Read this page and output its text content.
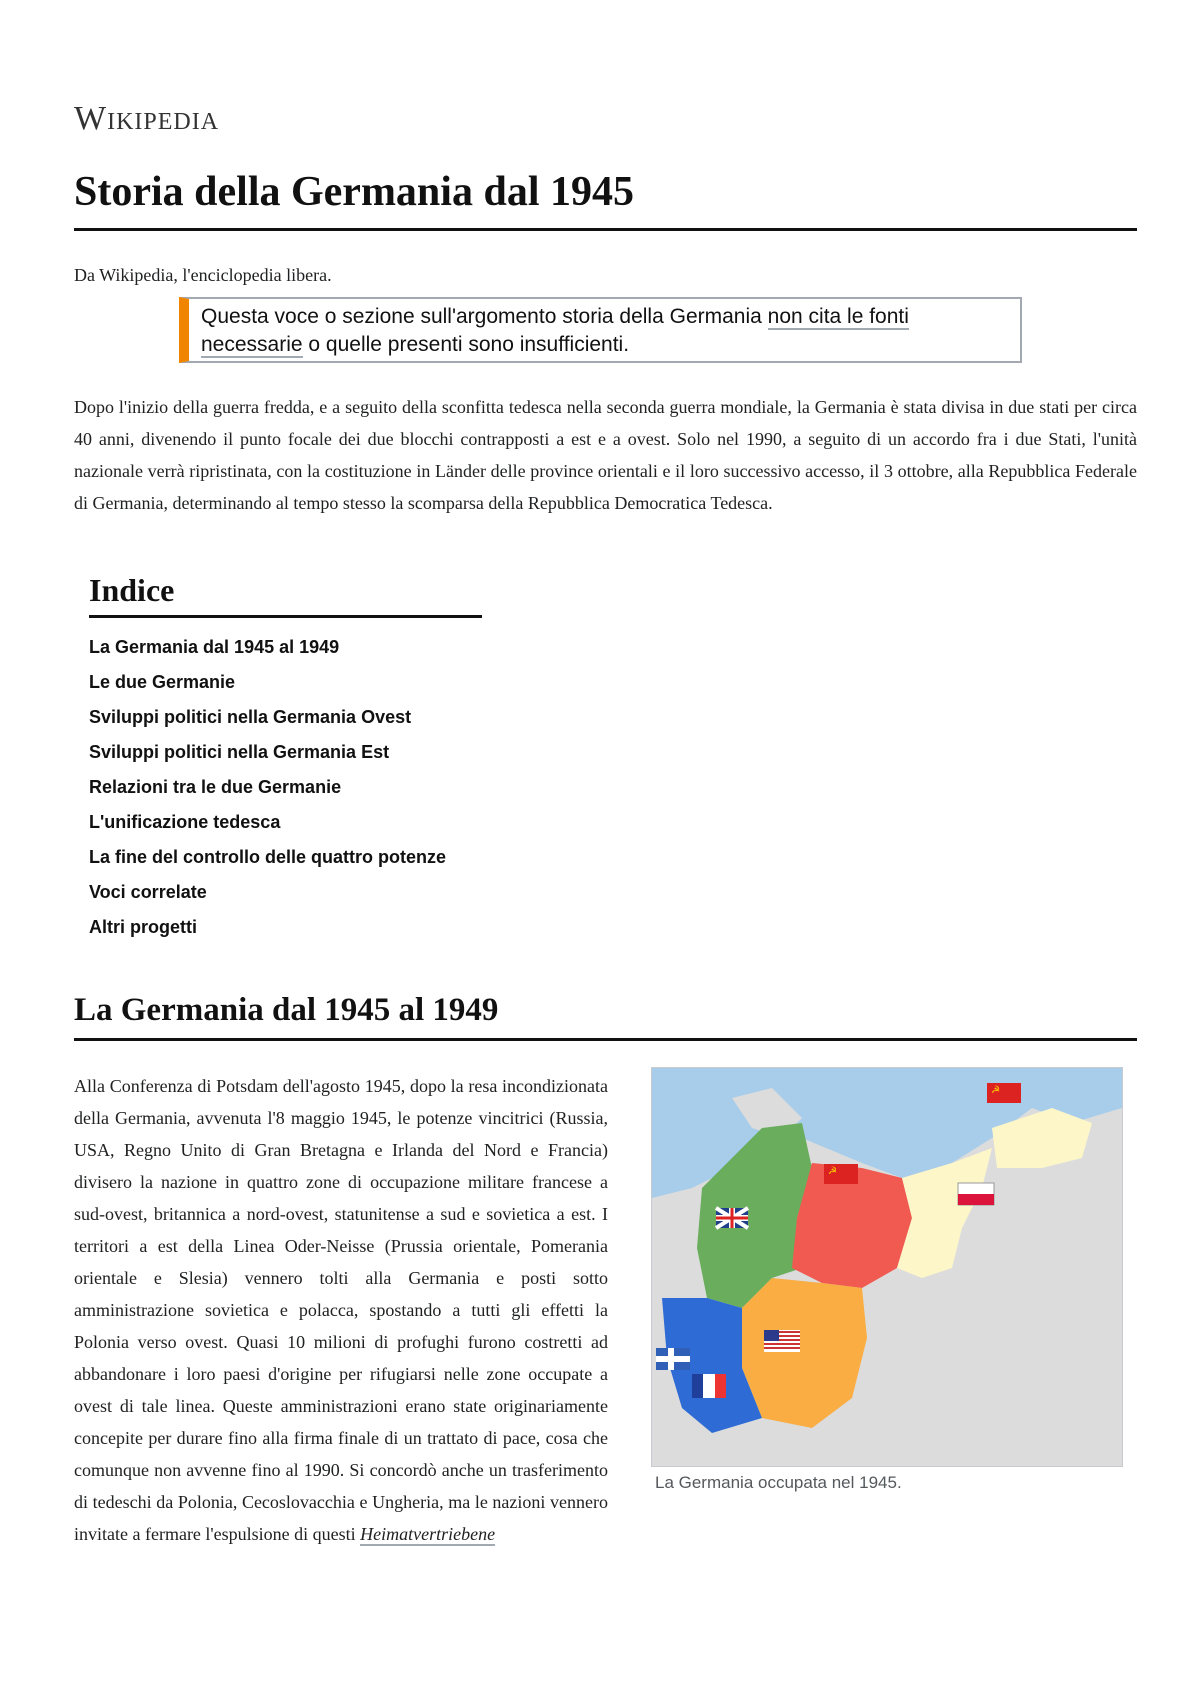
Wikipedia
Storia della Germania dal 1945
Da Wikipedia, l'enciclopedia libera.
Questa voce o sezione sull'argomento storia della Germania non cita le fonti necessarie o quelle presenti sono insufficienti.

Dopo l'inizio della guerra fredda, e a seguito della sconfitta tedesca nella seconda guerra mondiale, la Germania è stata divisa in due stati per circa 40 anni, divenendo il punto focale dei due blocchi contrapposti a est e a ovest. Solo nel 1990, a seguito di un accordo fra i due Stati, l'unità nazionale verrà ripristinata, con la costituzione in Länder delle province orientali e il loro successivo accesso, il 3 ottobre, alla Repubblica Federale di Germania, determinando al tempo stesso la scomparsa della Repubblica Democratica Tedesca.

Indice
La Germania dal 1945 al 1949
Le due Germanie
Sviluppi politici nella Germania Ovest
Sviluppi politici nella Germania Est
Relazioni tra le due Germanie
L'unificazione tedesca
La fine del controllo delle quattro potenze
Voci correlate
Altri progetti
La Germania dal 1945 al 1949

Alla Conferenza di Potsdam dell'agosto 1945, dopo la resa incondizionata della Germania, avvenuta l'8 maggio 1945, le potenze vincitrici (Russia, USA, Regno Unito di Gran Bretagna e Irlanda del Nord e Francia) divisero la nazione in quattro zone di occupazione militare francese a sud-ovest, britannica a nord-ovest, statunitense a sud e sovietica a est. I territori a est della Linea Oder-Neisse (Prussia orientale, Pomerania orientale e Slesia) vennero tolti alla Germania e posti sotto amministrazione sovietica e polacca, spostando a tutti gli effetti la Polonia verso ovest. Quasi 10 milioni di profughi furono costretti ad abbandonare i loro paesi d'origine per rifugiarsi nelle zone occupate a ovest di tale linea. Queste amministrazioni erano state originariamente concepite per durare fino alla firma finale di un trattato di pace, cosa che comunque non avvenne fino al 1990. Si concordò anche un trasferimento di tedeschi da Polonia, Cecoslovacchia e Ungheria, ma le nazioni vennero invitate a fermare l'espulsione di questi Heimatvertriebene

☭
☭
La Germania occupata nel 1945.
